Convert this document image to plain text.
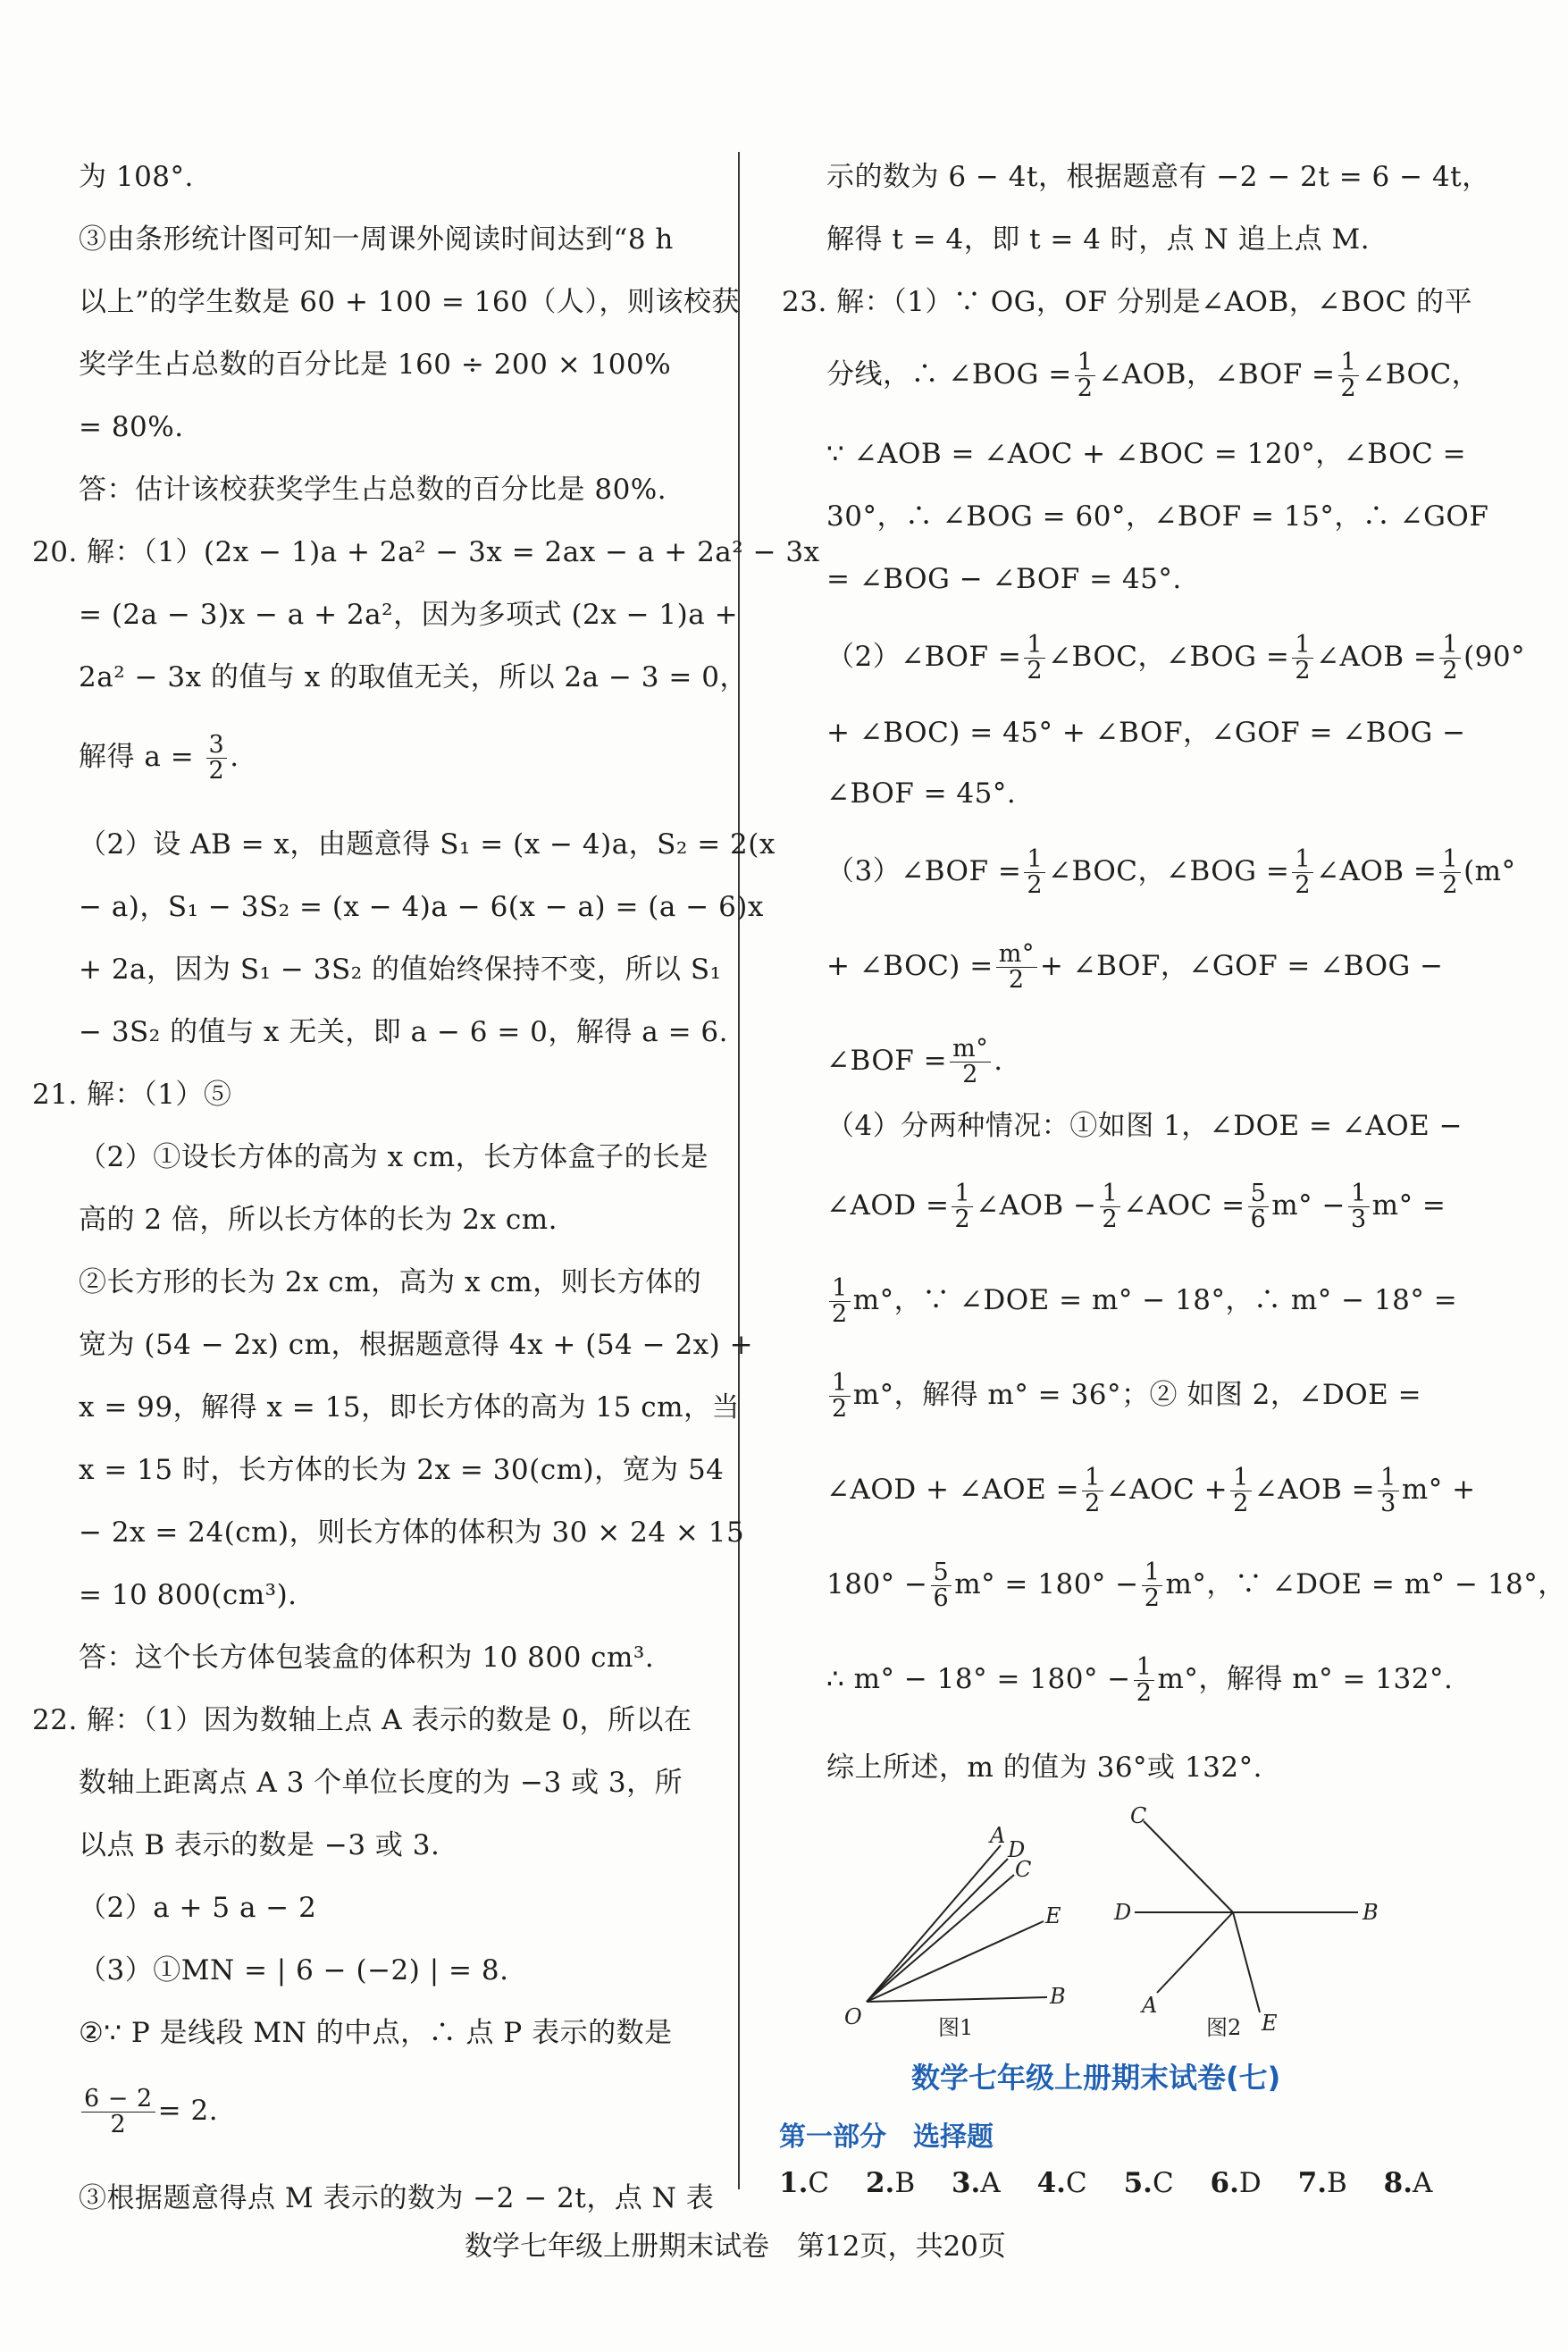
为 108°.
③由条形统计图可知一周课外阅读时间达到“8 h
以上”的学生数是 60 + 100 = 160（人），则该校获
奖学生占总数的百分比是 160 ÷ 200 × 100%
= 80%.
答：估计该校获奖学生占总数的百分比是 80%.
20. 解：（1）(2x − 1)a + 2a² − 3x = 2ax − a + 2a² − 3x
= (2a − 3)x − a + 2a²，因为多项式 (2x − 1)a +
2a² − 3x 的值与 x 的取值无关，所以 2a − 3 = 0，
解得 $a = \frac{3}{2}$ .
（2）设 AB = x，由题意得 S₁ = (x − 4)a，S₂ = 2(x
− a)，S₁ − 3S₂ = (x − 4)a − 6(x − a) = (a − 6)x
+ 2a，因为 S₁ − 3S₂ 的值始终保持不变，所以 S₁
− 3S₂ 的值与 x 无关，即 a − 6 = 0，解得 a = 6.
21. 解：（1）⑤
（2）①设长方体的高为 x cm，长方体盒子的长是
高的 2 倍，所以长方体的长为 2x cm.
②长方形的长为 2x cm，高为 x cm，则长方体的
宽为 (54 − 2x) cm，根据题意得 4x + (54 − 2x) +
x = 99，解得 x = 15，即长方体的高为 15 cm，当
x = 15 时，长方体的长为 2x = 30(cm)，宽为 54
− 2x = 24(cm)，则长方体的体积为 30 × 24 × 15
= 10 800(cm³).
答：这个长方体包装盒的体积为 10 800 cm³.
22. 解：（1）因为数轴上点 A 表示的数是 0，所以在
数轴上距离点 A 3 个单位长度的为 −3 或 3，所
以点 B 表示的数是 −3 或 3.
（2）a + 5 a − 2
（3）①MN = | 6 − (−2) | = 8.
②∵ P 是线段 MN 的中点，∴ 点 P 表示的数是
$\frac{6 - 2}{2} = 2$.
③根据题意得点 M 表示的数为 −2 − 2t，点 N 表
示的数为 6 − 4t，根据题意有 −2 − 2t = 6 − 4t，
解得 t = 4，即 t = 4 时，点 N 追上点 M.
23. 解：（1）∵ OG，OF 分别是∠AOB，∠BOC 的平
分线，∴ ∠BOG = $\frac{1}{2}$ ∠AOB，∠BOF = $\frac{1}{2}$ ∠BOC，
∵ ∠AOB = ∠AOC + ∠BOC = 120°，∠BOC =
30°，∴ ∠BOG = 60°，∠BOF = 15°，∴ ∠GOF
= ∠BOG − ∠BOF = 45°.
（2）∠BOF = $\frac{1}{2}$ ∠BOC，∠BOG = $\frac{1}{2}$ ∠AOB = $\frac{1}{2} (90^\circ$
+ ∠BOC) = 45° + ∠BOF，∠GOF = ∠BOG −
∠BOF = 45°.
（3）∠BOF = $\frac{1}{2}$ ∠BOC，∠BOG = $\frac{1}{2}$ ∠AOB = $\frac{1}{2} (m^\circ$
+ ∠BOC) = $\frac{m^\circ}{2}$ + ∠BOF，∠GOF = ∠BOG −
∠BOF = $\frac{m^\circ}{2}$ .
（4）分两种情况：①如图 1，∠DOE = ∠AOE −
∠AOD = $\frac{1}{2}$ ∠AOB − $\frac{1}{2}$ ∠AOC = $\frac{5}{6} m^\circ - \frac{1}{3} m^\circ$ =
$\frac{1}{2} m^\circ$，∵ ∠DOE = m° − 18°，∴ m° − 18° =
$\frac{1}{2} m^\circ$，解得 m° = 36°；② 如图 2，∠DOE =
∠AOD + ∠AOE = $\frac{1}{2}$ ∠AOC + $\frac{1}{2}$ ∠AOB = $\frac{1}{3} m^\circ$ +
$180^\circ - \frac{5}{6} m^\circ = 180^\circ - \frac{1}{2} m^\circ$，∵ ∠DOE = m° − 18°，
∴ $m^\circ - 18^\circ = 180^\circ - \frac{1}{2} m^\circ$，解得 m° = 132°.
综上所述，m 的值为 36°或 132°.
A
D
C
E
B
O	图1
C
D	B
A
E
图2
数学七年级上册期末试卷(七)
第一部分　选择题
1.C  2.B  3.A  4.C  5.C  6.D  7.B  8.A
数学七年级上册期末试卷　第12页，共20页
